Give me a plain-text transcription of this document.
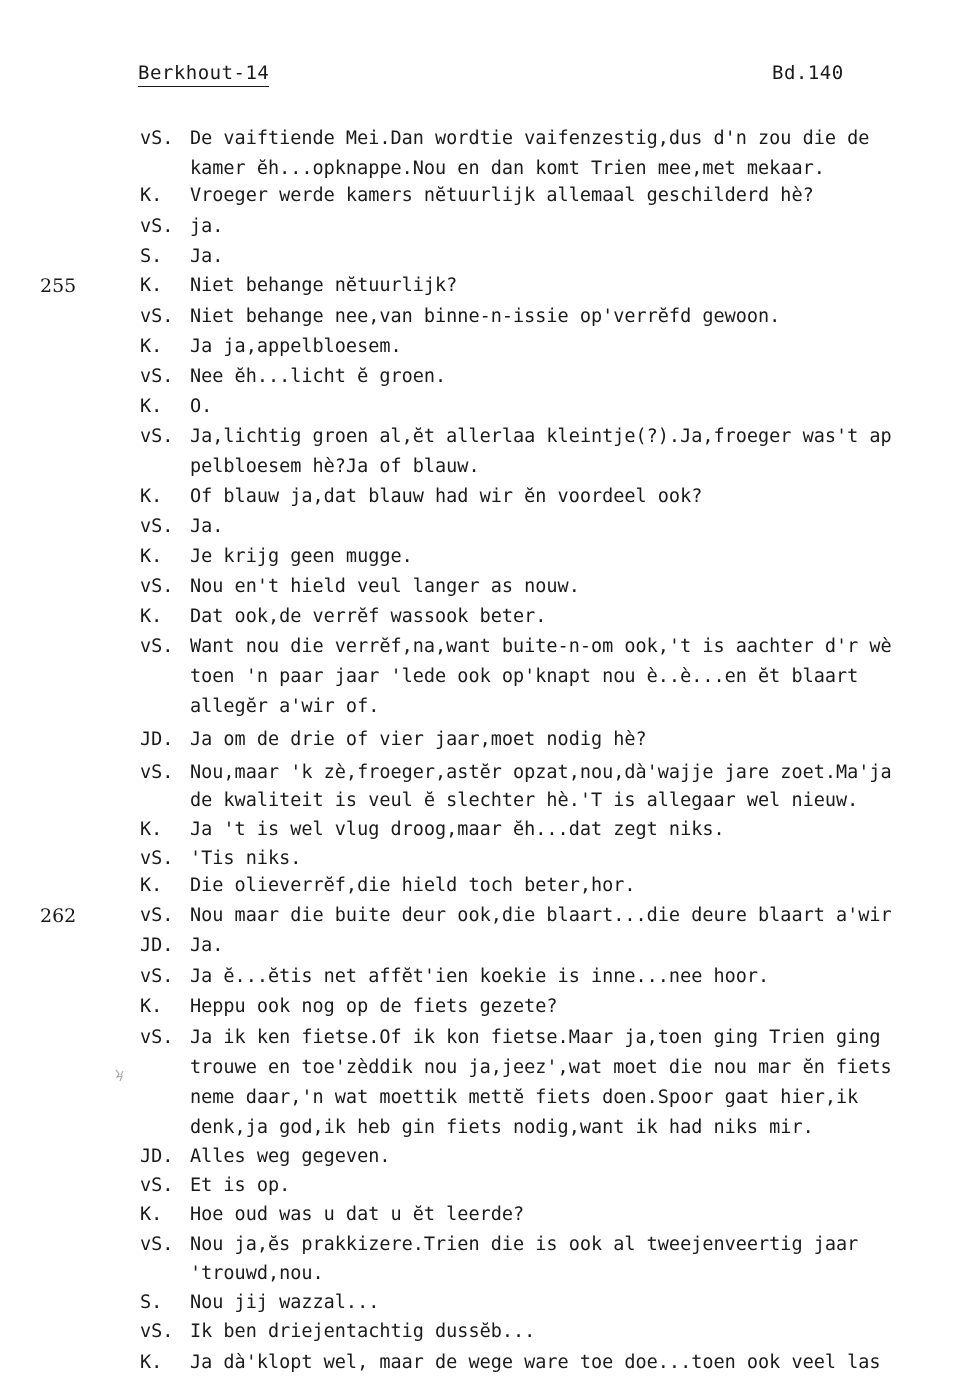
Berkhout-14	Bd.140
255
262
vS. De vaiftiende Mei.Dan wordtie vaifenzestig,dus d'n zou die de
kamer ĕh...opknappe.Nou en dan komt Trien mee,met mekaar.
K. Vroeger werde kamers nĕtuurlijk allemaal geschilderd hè?
vS. ja.
S. Ja.
K. Niet behange nĕtuurlijk?
vS. Niet behange nee,van binne-n-issie op'verrĕfd gewoon.
K. Ja ja,appelbloesem.
vS. Nee ĕh...licht ĕ groen.
K. O.
vS. Ja,lichtig groen al,ĕt allerlaa kleintje(?).Ja,froeger was't ap
pelbloesem hè?Ja of blauw.
K. Of blauw ja,dat blauw had wir ĕn voordeel ook?
vS. Ja.
K. Je krijg geen mugge.
vS. Nou en't hield veul langer as nouw.
K. Dat ook,de verrĕf wassook beter.
vS. Want nou die verrĕf,na,want buite-n-om ook,'t is aachter d'r wè
toen 'n paar jaar 'lede ook op'knapt nou è..è...en ĕt blaart
allegĕr a'wir of.
JD. Ja om de drie of vier jaar,moet nodig hè?
vS. Nou,maar 'k zè,froeger,astĕr opzat,nou,dà'wajje jare zoet.Ma'ja
de kwaliteit is veul ĕ slechter hè.'T is allegaar wel nieuw.
K. Ja 't is wel vlug droog,maar ĕh...dat zegt niks.
vS. 'Tis niks.
K. Die olieverrĕf,die hield toch beter,hor.
vS. Nou maar die buite deur ook,die blaart...die deure blaart a'wir
JD. Ja.
vS. Ja ĕ...ĕtis net affĕt'ien koekie is inne...nee hoor.
K. Heppu ook nog op de fiets gezete?
vS. Ja ik ken fietse.Of ik kon fietse.Maar ja,toen ging Trien ging
trouwe en toe'zèddik nou ja,jeez',wat moet die nou mar ĕn fiets
neme daar,'n wat moettik mettĕ fiets doen.Spoor gaat hier,ik
denk,ja god,ik heb gin fiets nodig,want ik had niks mir.
JD. Alles weg gegeven.
vS. Et is op.
K. Hoe oud was u dat u ĕt leerde?
vS. Nou ja,ĕs prakkizere.Trien die is ook al tweejenveertig jaar
'trouwd,nou.
S. Nou jij wazzal...
vS. Ik ben driejentachtig dussĕb...
K. Ja dà'klopt wel, maar de wege ware toe doe...toen ook veel las
